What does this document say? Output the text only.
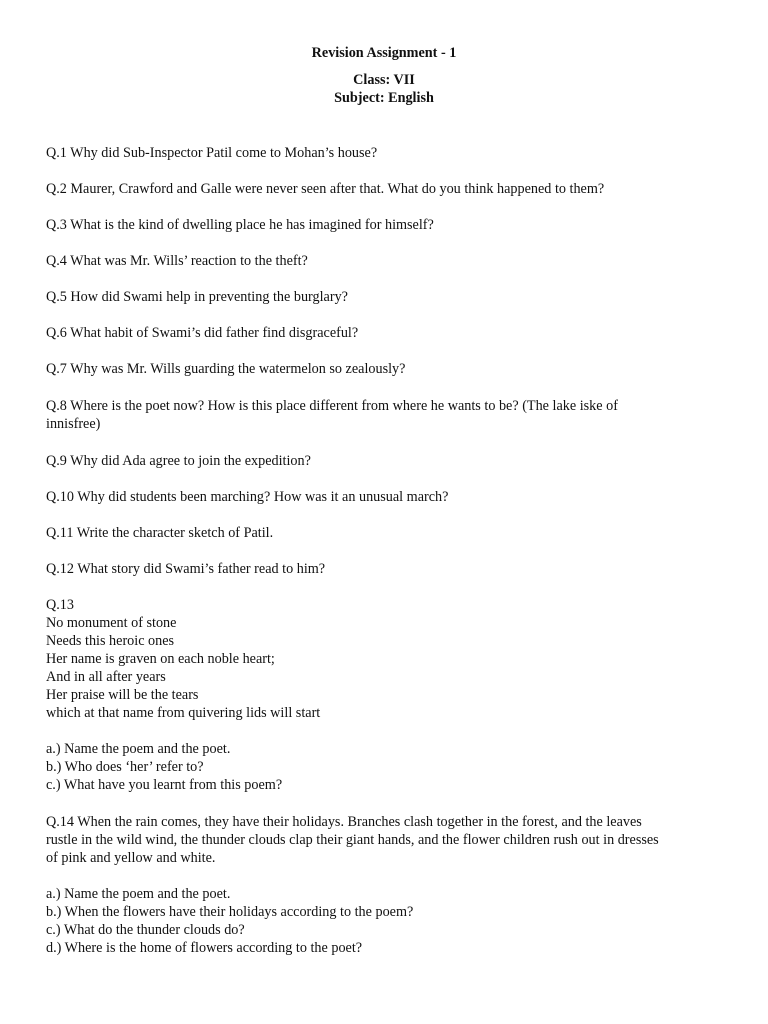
Revision Assignment - 1
Class: VII
Subject: English
Q.1 Why did Sub-Inspector Patil come to Mohan’s house?
Q.2 Maurer, Crawford and Galle were never seen after that. What do you think happened to them?
Q.3 What is the kind of dwelling place he has imagined for himself?
Q.4 What was Mr. Wills’ reaction to the theft?
Q.5 How did Swami help in preventing the burglary?
Q.6 What habit of Swami’s did father find disgraceful?
Q.7 Why was Mr. Wills guarding the watermelon so zealously?
Q.8 Where is the poet now? How is this place different from where he wants to be? (The lake iske of
innisfree)
Q.9 Why did Ada agree to join the expedition?
Q.10 Why did students been marching? How was it an unusual march?
Q.11 Write the character sketch of Patil.
Q.12 What story did Swami’s father read to him?
Q.13
No monument of stone
Needs this heroic ones
Her name is graven on each noble heart;
And in all after years
Her praise will be the tears
which at that name from quivering lids will start
a.) Name the poem and the poet.
b.) Who does ‘her’ refer to?
c.) What have you learnt from this poem?
Q.14 When the rain comes, they have their holidays. Branches clash together in the forest, and the leaves
rustle in the wild wind, the thunder clouds clap their giant hands, and the flower children rush out in dresses
of pink and yellow and white.
a.) Name the poem and the poet.
b.) When the flowers have their holidays according to the poem?
c.) What do the thunder clouds do?
d.) Where is the home of flowers according to the poet?
